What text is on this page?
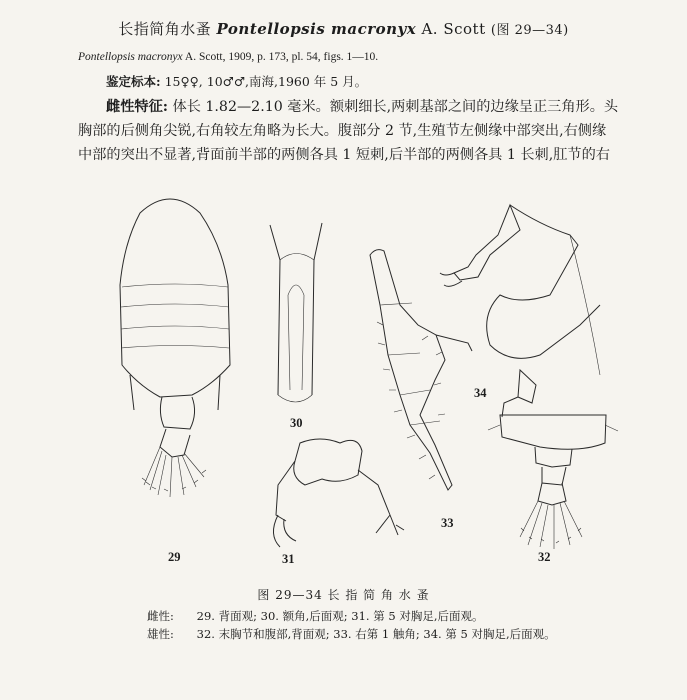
长指简角水蚤 Pontellopsis macronyx A. Scott (图 29—34)
Pontellopsis macronyx A. Scott, 1909, p. 173, pl. 54, figs. 1—10.
鉴定标本: 15♀♀, 10♂♂,南海,1960 年 5 月。
雌性特征: 体长 1.82—2.10 毫米。额刺细长,两刺基部之间的边缘呈正三角形。头
胸部的后侧角尖锐,右角较左角略为长大。腹部分 2 节,生殖节左侧缘中部突出,右侧缘
中部的突出不显著,背面前半部的两侧各具 1 短刺,后半部的两侧各具 1 长刺,肛节的右
29
30
31	32
33
34
图 29—34 长 指 简 角 水 蚤
雌性: 29. 背面观; 30. 额角,后面观; 31. 第 5 对胸足,后面观。
雄性: 32. 末胸节和腹部,背面观; 33. 右第 1 触角; 34. 第 5 对胸足,后面观。
